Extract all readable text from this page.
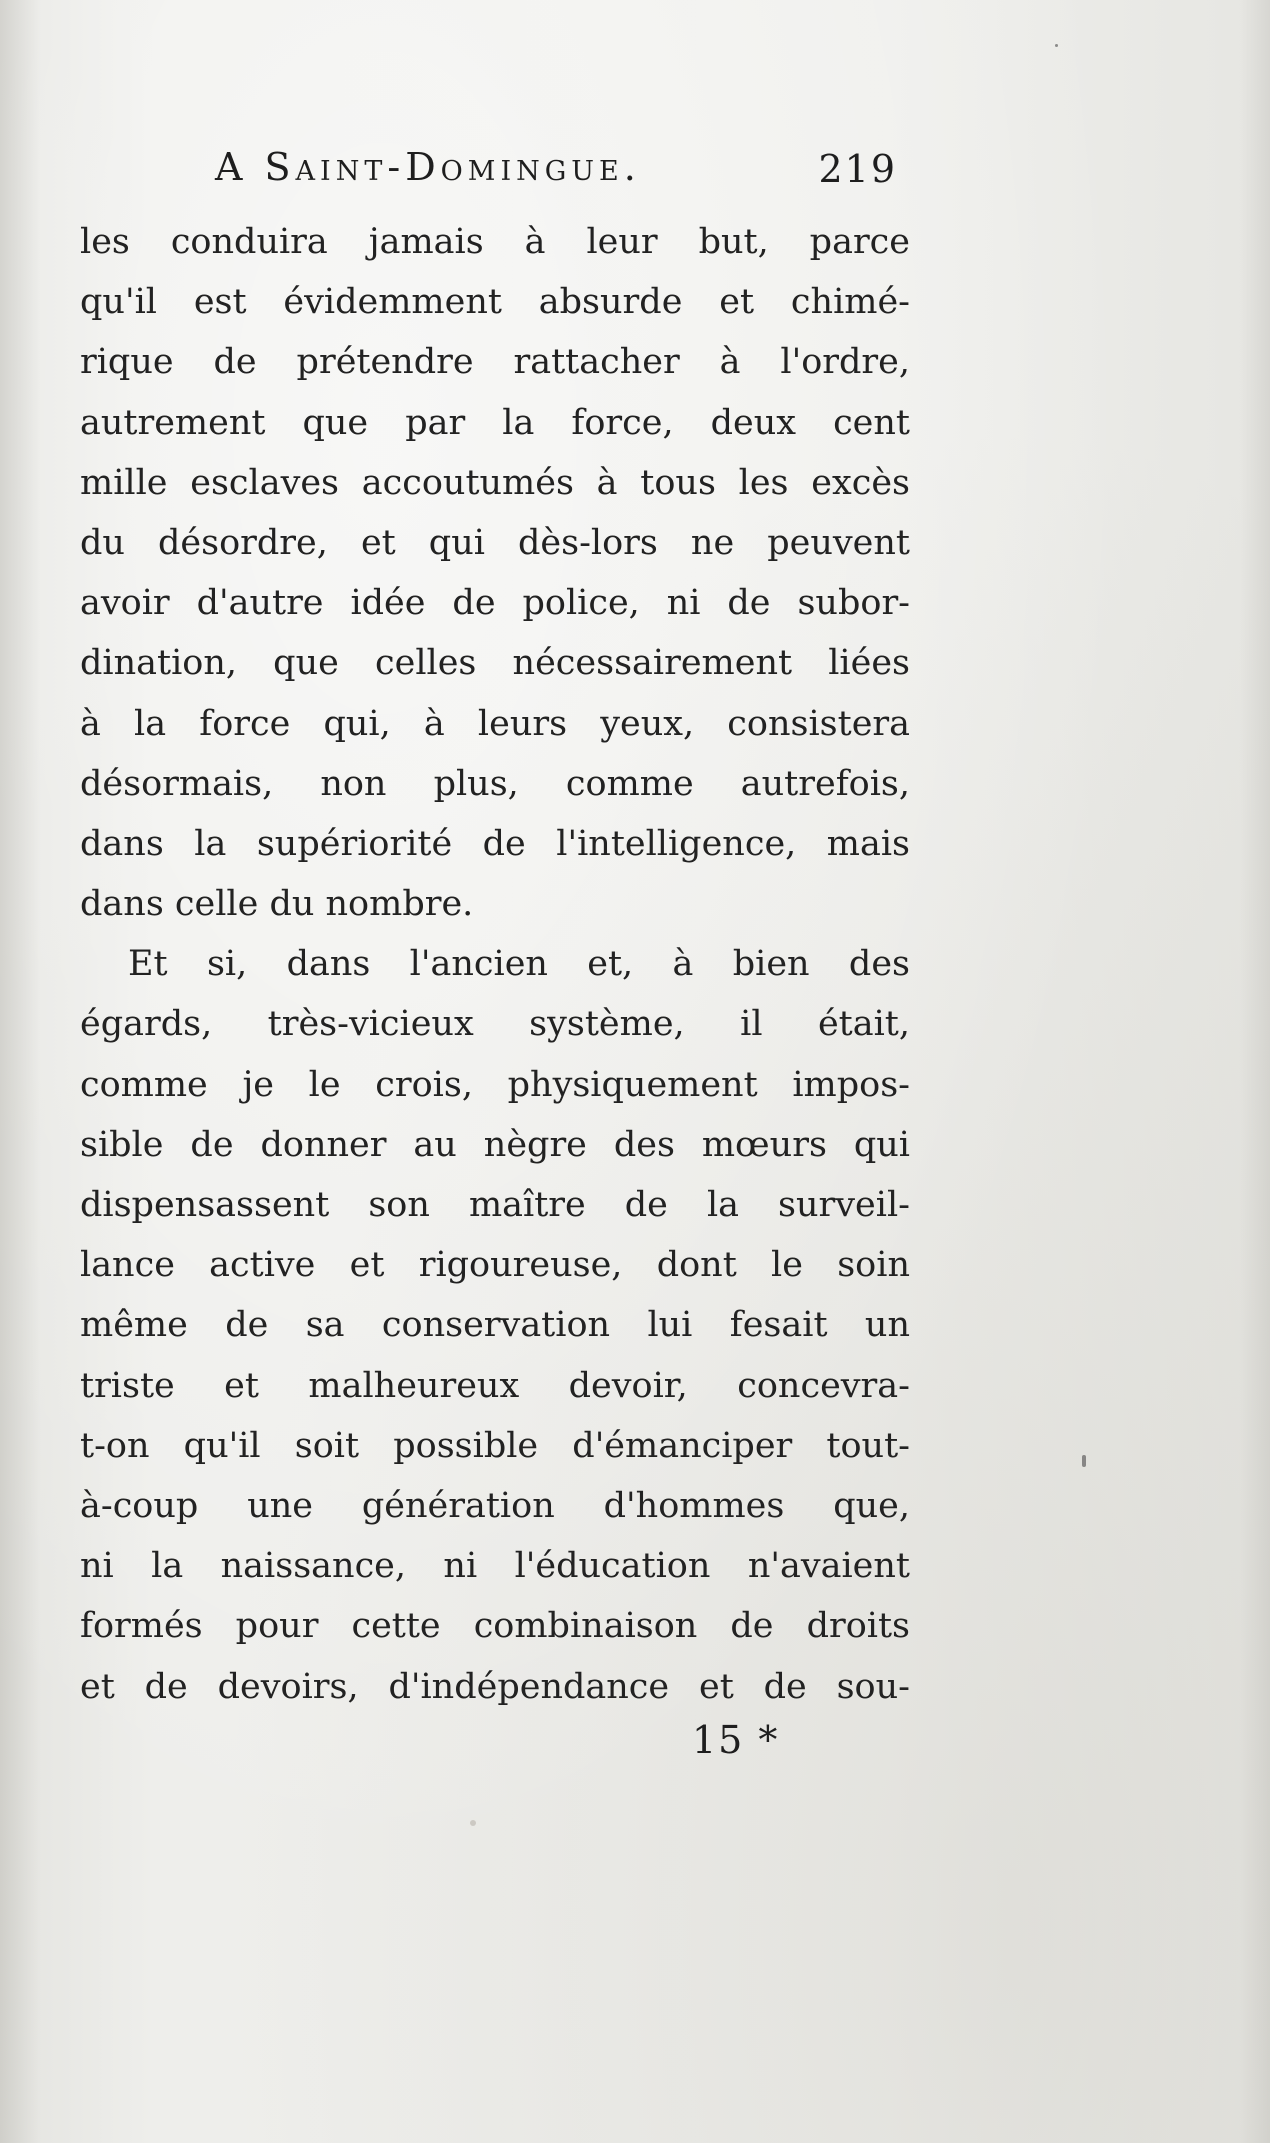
A Saint-Domingue.	219
les conduira jamais à leur but, parce
qu'il est évidemment absurde et chimé-
rique de prétendre rattacher à l'ordre,
autrement que par la force, deux cent
mille esclaves accoutumés à tous les excès
du désordre, et qui dès-lors ne peuvent
avoir d'autre idée de police, ni de subor-
dination, que celles nécessairement liées
à la force qui, à leurs yeux, consistera
désormais, non plus, comme autrefois,
dans la supériorité de l'intelligence, mais
dans celle du nombre.
Et si, dans l'ancien et, à bien des
égards, très-vicieux système, il était,
comme je le crois, physiquement impos-
sible de donner au nègre des mœurs qui
dispensassent son maître de la surveil-
lance active et rigoureuse, dont le soin
même de sa conservation lui fesait un
triste et malheureux devoir, concevra-
t-on qu'il soit possible d'émanciper tout-
à-coup une génération d'hommes que,
ni la naissance, ni l'éducation n'avaient
formés pour cette combinaison de droits
et de devoirs, d'indépendance et de sou-
15 *
